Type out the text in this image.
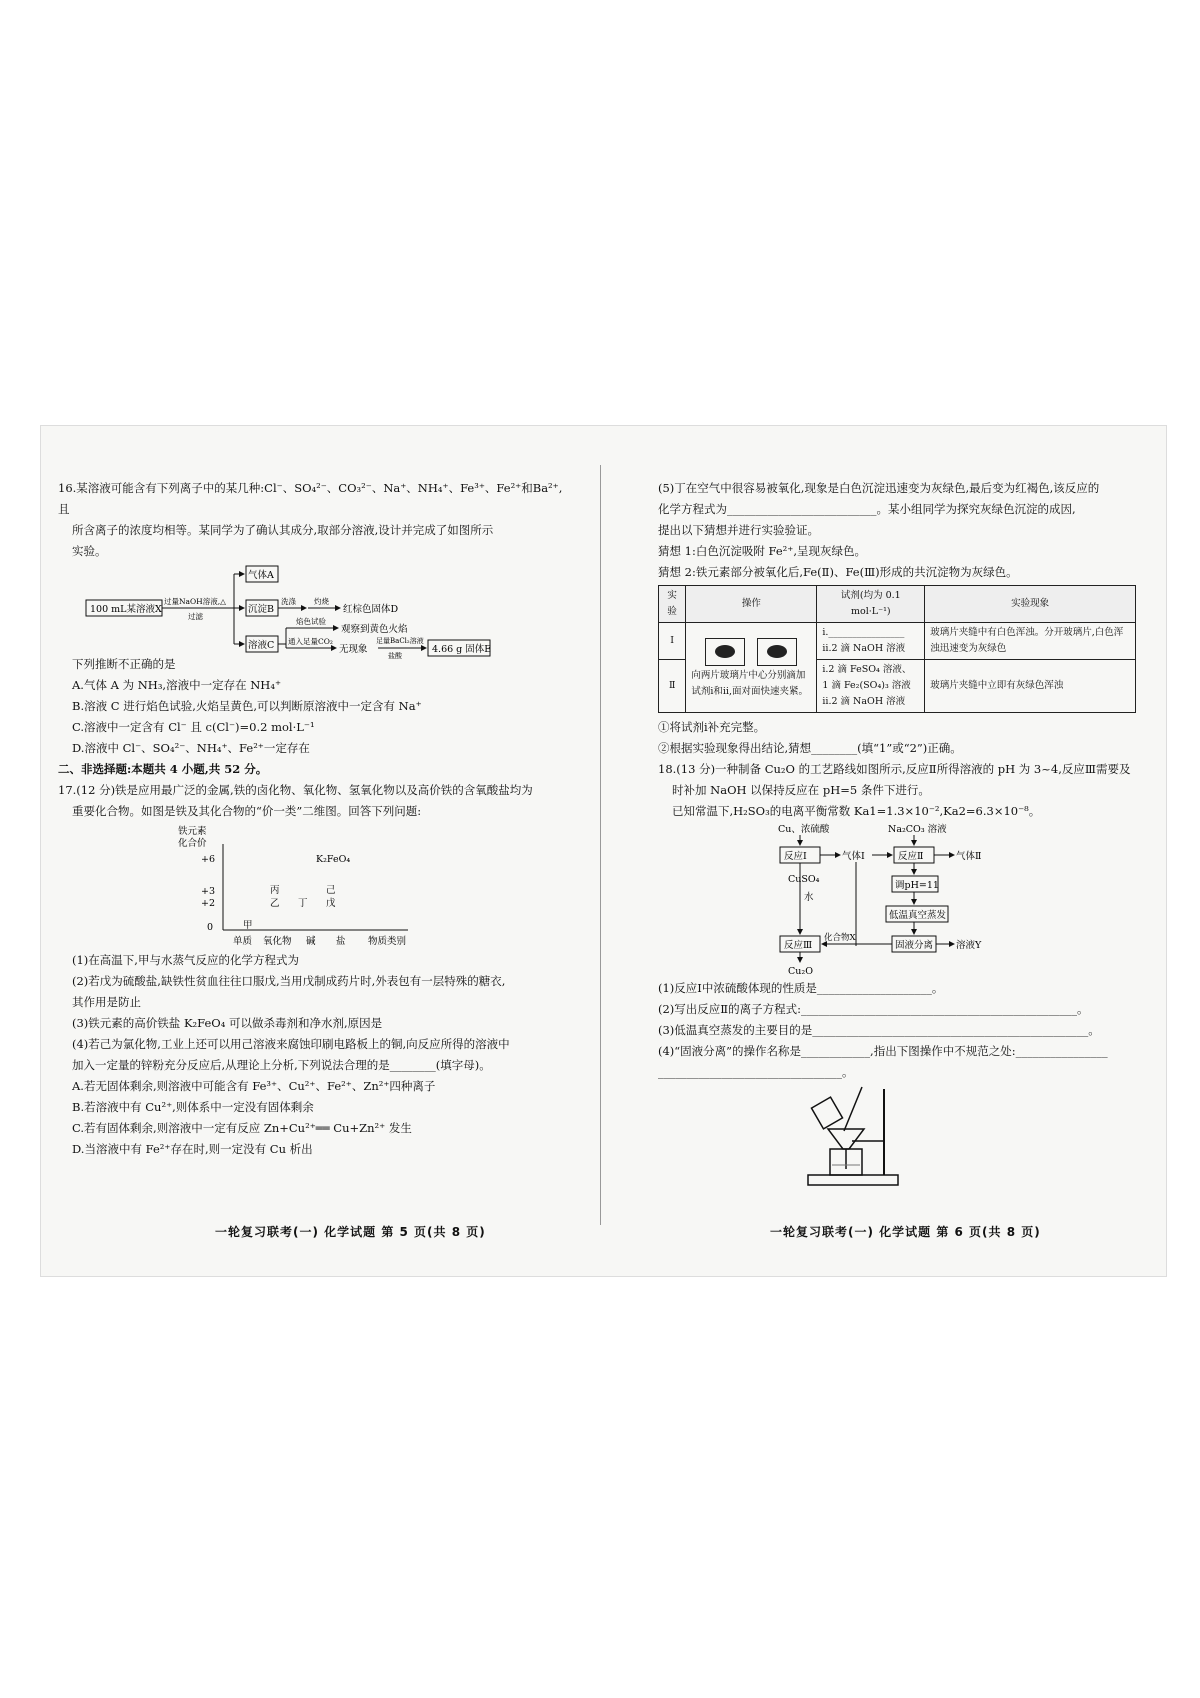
16.某溶液可能含有下列离子中的某几种:Cl⁻、SO₄²⁻、CO₃²⁻、Na⁺、NH₄⁺、Fe³⁺、Fe²⁺和Ba²⁺,且

所含离子的浓度均相等。某同学为了确认其成分,取部分溶液,设计并完成了如图所示

实验。

100 mL某溶液X
过量NaOH溶液,△
过滤
气体A
沉淀B
洗涤 灼烧
红棕色固体D
溶液C
焰色试验
观察到黄色火焰
通入足量CO₂
无现象
足量BaCl₂溶液
盐酸
4.66 g 固体E

下列推断不正确的是

A.气体 A 为 NH₃,溶液中一定存在 NH₄⁺

B.溶液 C 进行焰色试验,火焰呈黄色,可以判断原溶液中一定含有 Na⁺

C.溶液中一定含有 Cl⁻ 且 c(Cl⁻)=0.2 mol·L⁻¹

D.溶液中 Cl⁻、SO₄²⁻、NH₄⁺、Fe²⁺一定存在

二、非选择题:本题共 4 小题,共 52 分。

17.(12 分)铁是应用最广泛的金属,铁的卤化物、氧化物、氢氧化物以及高价铁的含氧酸盐均为

重要化合物。如图是铁及其化合物的“价一类”二维图。回答下列问题:

铁元素
化合价
+6
+3
+2
0
单质 氧化物 碱 盐 物质类别
甲
乙
丙
丁 戊
己
K₂FeO₄

(1)在高温下,甲与水蒸气反应的化学方程式为

(2)若戊为硫酸盐,缺铁性贫血往往口服戊,当用戊制成药片时,外表包有一层特殊的糖衣,

其作用是防止

(3)铁元素的高价铁盐 K₂FeO₄ 可以做杀毒剂和净水剂,原因是

(4)若己为氯化物,工业上还可以用己溶液来腐蚀印刷电路板上的铜,向反应所得的溶液中

加入一定量的锌粉充分反应后,从理论上分析,下列说法合理的是________(填字母)。

A.若无固体剩余,则溶液中可能含有 Fe³⁺、Cu²⁺、Fe²⁺、Zn²⁺四种离子

B.若溶液中有 Cu²⁺,则体系中一定没有固体剩余

C.若有固体剩余,则溶液中一定有反应 Zn+Cu²⁺══ Cu+Zn²⁺ 发生

D.当溶液中有 Fe²⁺存在时,则一定没有 Cu 析出

一轮复习联考(一) 化学试题 第 5 页(共 8 页)

(5)丁在空气中很容易被氧化,现象是白色沉淀迅速变为灰绿色,最后变为红褐色,该反应的

化学方程式为__________________________。某小组同学为探究灰绿色沉淀的成因,

提出以下猜想并进行实验验证。

猜想 1:白色沉淀吸附 Fe²⁺,呈现灰绿色。

猜想 2:铁元素部分被氧化后,Fe(Ⅱ)、Fe(Ⅲ)形成的共沉淀物为灰绿色。

实验	操作	试剂(均为 0.1 mol·L⁻¹)	实验现象
Ⅰ	向两片玻璃片中心分别滴加试剂ⅰ和ⅱ,面对面快速夹紧。	ⅰ.________________
ⅱ.2 滴 NaOH 溶液	玻璃片夹缝中有白色浑浊。分开玻璃片,白色浑浊迅速变为灰绿色
Ⅱ		ⅰ.2 滴 FeSO₄ 溶液、
1 滴 Fe₂(SO₄)₃ 溶液
ⅱ.2 滴 NaOH 溶液	玻璃片夹缝中立即有灰绿色浑浊

①将试剂ⅰ补充完整。

②根据实验现象得出结论,猜想________(填“1”或“2”)正确。

18.(13 分)一种制备 Cu₂O 的工艺路线如图所示,反应Ⅱ所得溶液的 pH 为 3~4,反应Ⅲ需要及

时补加 NaOH 以保持反应在 pH=5 条件下进行。

已知常温下,H₂SO₃的电离平衡常数 Ka1=1.3×10⁻²,Ka2=6.3×10⁻⁸。

Cu、浓硫酸	Na₂CO₃ 溶液
反应Ⅰ	气体Ⅰ	反应Ⅱ	气体Ⅱ
CuSO₄
水
调pH=11
低温真空蒸发
反应Ⅲ
化合物X
固液分离 溶液Y
Cu₂O

(1)反应Ⅰ中浓硫酸体现的性质是____________________。

(2)写出反应Ⅱ的离子方程式:________________________________________________。

(3)低温真空蒸发的主要目的是________________________________________________。

(4)“固液分离”的操作名称是____________,指出下图操作中不规范之处:________________

________________________________。

一轮复习联考(一) 化学试题 第 6 页(共 8 页)
